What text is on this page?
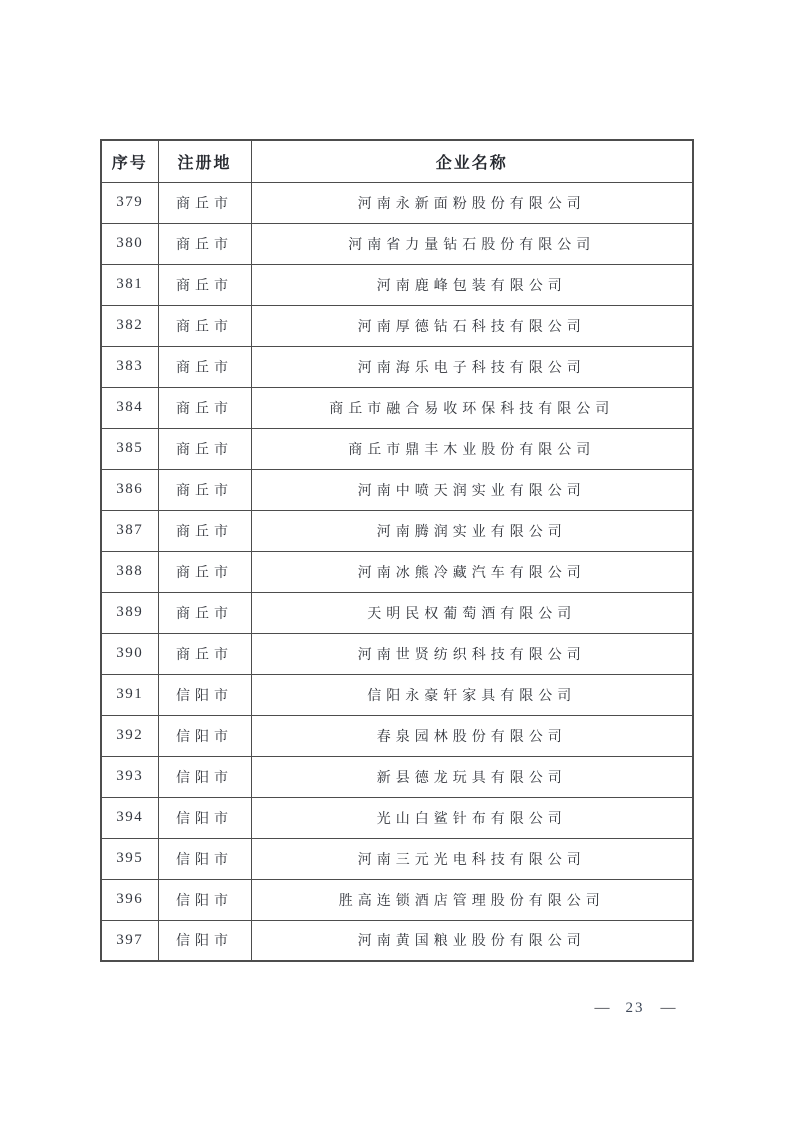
序号	注册地	企业名称
379	商丘市	河南永新面粉股份有限公司
380	商丘市	河南省力量钻石股份有限公司
381	商丘市	河南鹿峰包装有限公司
382	商丘市	河南厚德钻石科技有限公司
383	商丘市	河南海乐电子科技有限公司
384	商丘市	商丘市融合易收环保科技有限公司
385	商丘市	商丘市鼎丰木业股份有限公司
386	商丘市	河南中喷天润实业有限公司
387	商丘市	河南腾润实业有限公司
388	商丘市	河南冰熊冷藏汽车有限公司
389	商丘市	天明民权葡萄酒有限公司
390	商丘市	河南世贤纺织科技有限公司
391	信阳市	信阳永豪轩家具有限公司
392	信阳市	春泉园林股份有限公司
393	信阳市	新县德龙玩具有限公司
394	信阳市	光山白鲨针布有限公司
395	信阳市	河南三元光电科技有限公司
396	信阳市	胜高连锁酒店管理股份有限公司
397	信阳市	河南黄国粮业股份有限公司
— 23 —
